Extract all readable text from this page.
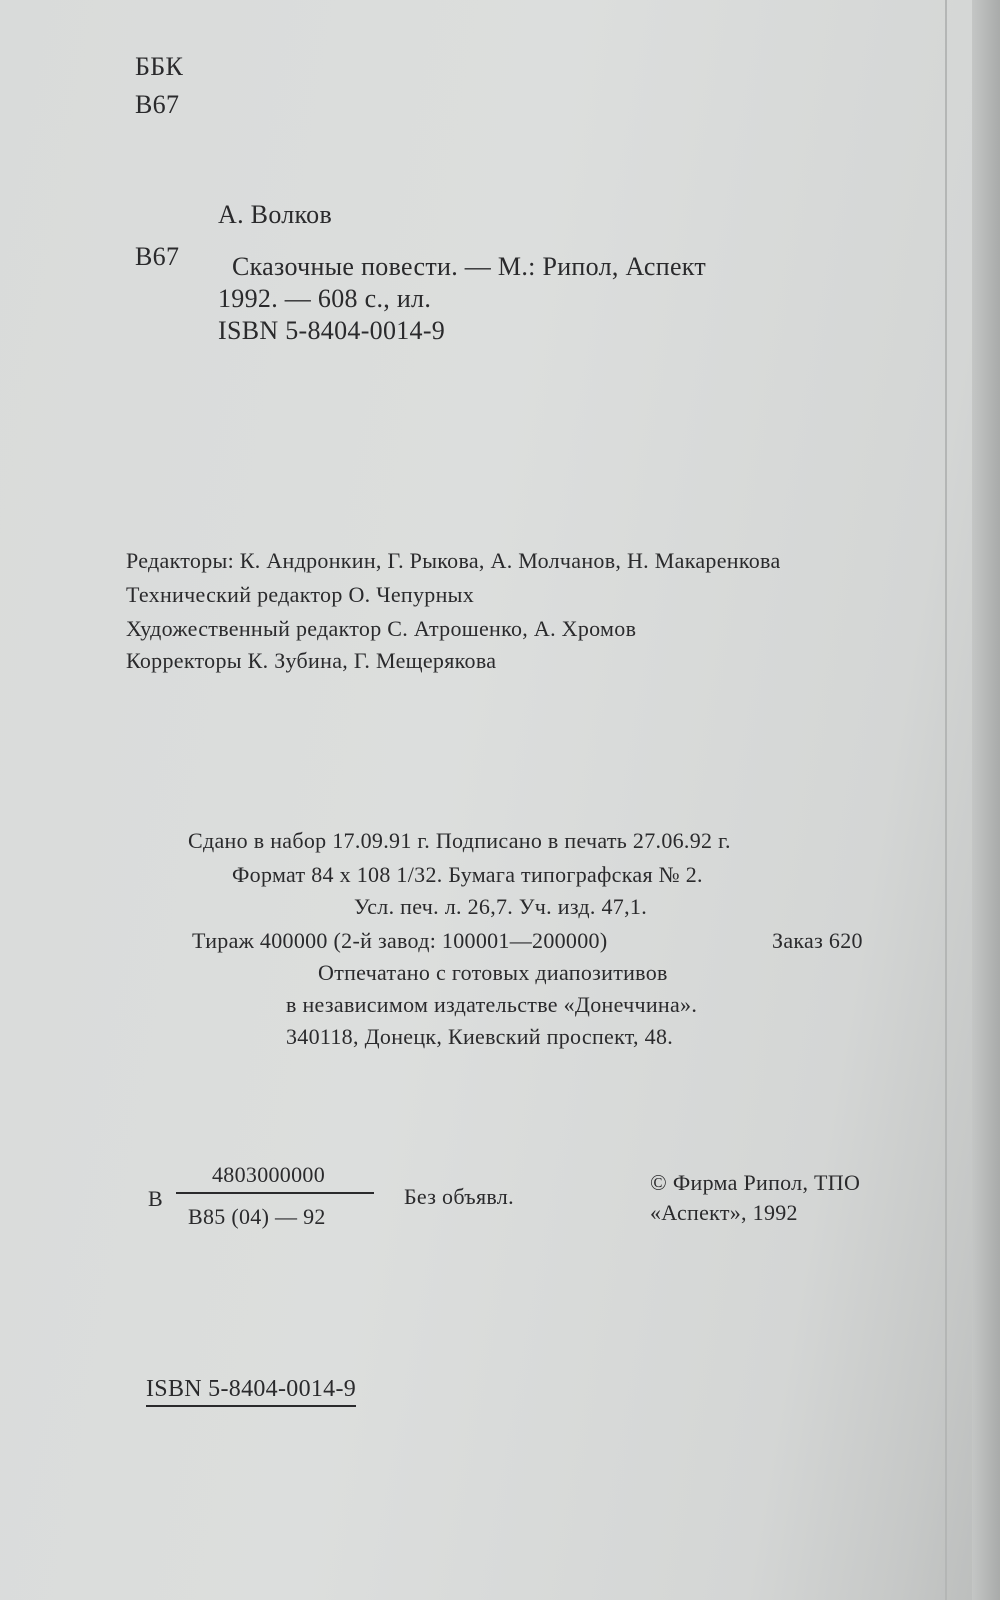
ББК
В67
А. Волков
В67 Сказочные повести. — М.: Рипол, Аспект
1992. — 608 с., ил.
ISBN 5-8404-0014-9
Редакторы: К. Андронкин, Г. Рыкова, А. Молчанов, Н. Макаренкова
Технический редактор О. Чепурных
Художественный редактор С. Атрошенко, А. Хромов
Корректоры К. Зубина, Г. Мещерякова
Сдано в набор 17.09.91 г. Подписано в печать 27.06.92 г.
Формат 84 x 108 1/32. Бумага типографская № 2.
Усл. печ. л. 26,7. Уч. изд. 47,1.
Тираж 400000 (2-й завод: 100001—200000)	Заказ 620
Отпечатано с готовых диапозитивов
в независимом издательстве «Донеччина».
340118, Донецк, Киевский проспект, 48.
В
4803000000
В85 (04) — 92
Без объявл.
© Фирма Рипол, ТПО
«Аспект», 1992
ISBN 5-8404-0014-9
